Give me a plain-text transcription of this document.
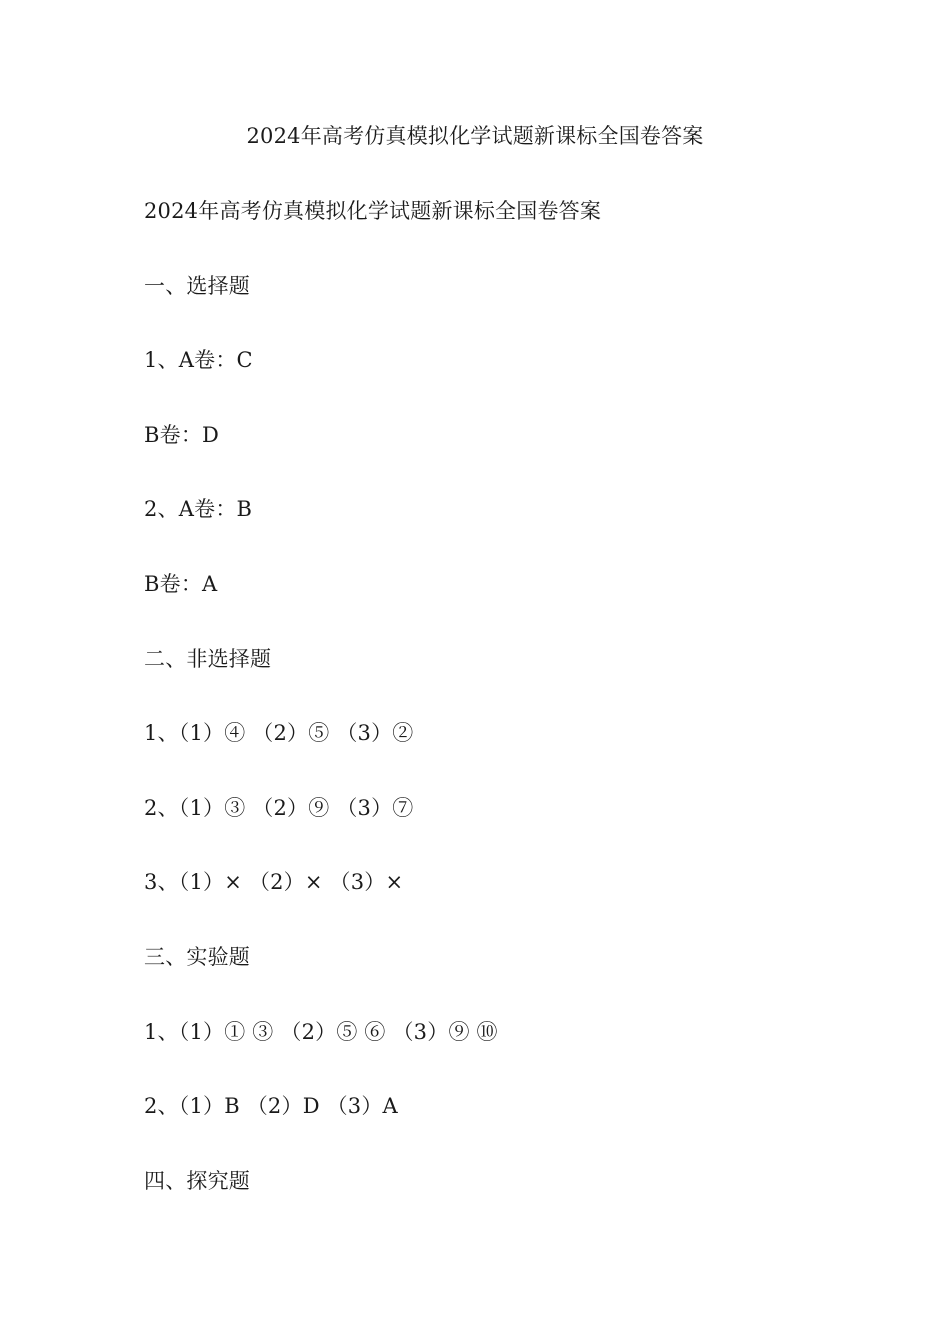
2024年高考仿真模拟化学试题新课标全国卷答案
2024年高考仿真模拟化学试题新课标全国卷答案
一、选择题
1、A卷：C
B卷：D
2、A卷：B
B卷：A
二、非选择题
1、（1）④ （2）⑤ （3）②
2、（1）③ （2）⑨ （3）⑦
3、（1）× （2）× （3）×
三、实验题
1、（1）① ③ （2）⑤ ⑥ （3）⑨ ⑩
2、（1）B （2）D （3）A
四、探究题
